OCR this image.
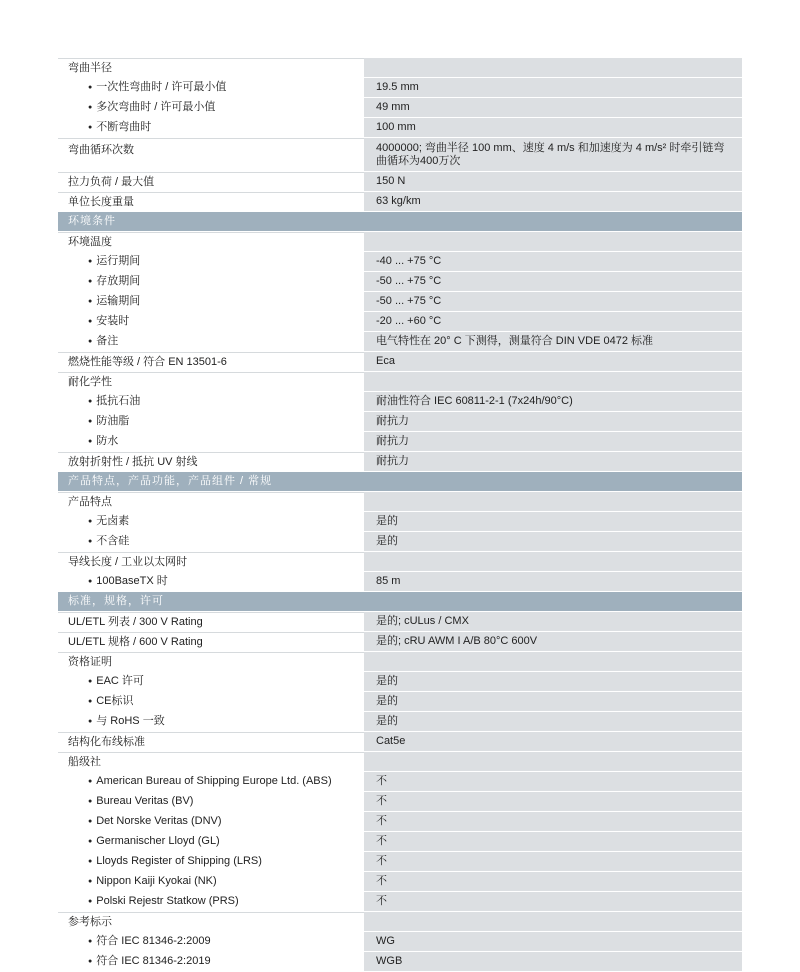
弯曲半径
● 一次性弯曲时 / 许可最小值	19.5 mm
● 多次弯曲时 / 许可最小值	49 mm
● 不断弯曲时	100 mm
弯曲循环次数	4000000; 弯曲半径 100 mm、速度 4 m/s 和加速度为 4 m/s² 时牵引链弯曲循环为400万次
拉力负荷 / 最大值	150 N
单位长度重量	63 kg/km
环境条件
环境温度
● 运行期间	-40 ... +75 °C
● 存放期间	-50 ... +75 °C
● 运输期间	-50 ... +75 °C
● 安装时	-20 ... +60 °C
● 备注	电气特性在 20° C 下测得，测量符合 DIN VDE 0472 标准
燃烧性能等级 / 符合 EN 13501-6	Eca
耐化学性
● 抵抗石油	耐油性符合 IEC 60811-2-1 (7x24h/90°C)
● 防油脂	耐抗力
● 防水	耐抗力
放射折射性 / 抵抗 UV 射线	耐抗力
产品特点，产品功能，产品组件 / 常规
产品特点
● 无卤素	是的
● 不含硅	是的
导线长度 / 工业以太网时
● 100BaseTX 时	85 m
标准，规格，许可
UL/ETL 列表 / 300 V Rating	是的; cULus / CMX
UL/ETL 规格 / 600 V Rating	是的; cRU AWM I A/B 80°C 600V
资格证明
● EAC 许可	是的
● CE标识	是的
● 与 RoHS 一致	是的
结构化布线标准	Cat5e
船级社
● American Bureau of Shipping Europe Ltd. (ABS)	不
● Bureau Veritas (BV)	不
● Det Norske Veritas (DNV)	不
● Germanischer Lloyd (GL)	不
● Lloyds Register of Shipping (LRS)	不
● Nippon Kaiji Kyokai (NK)	不
● Polski Rejestr Statkow (PRS)	不
参考标示
● 符合 IEC 81346-2:2009	WG
● 符合 IEC 81346-2:2019	WGB
